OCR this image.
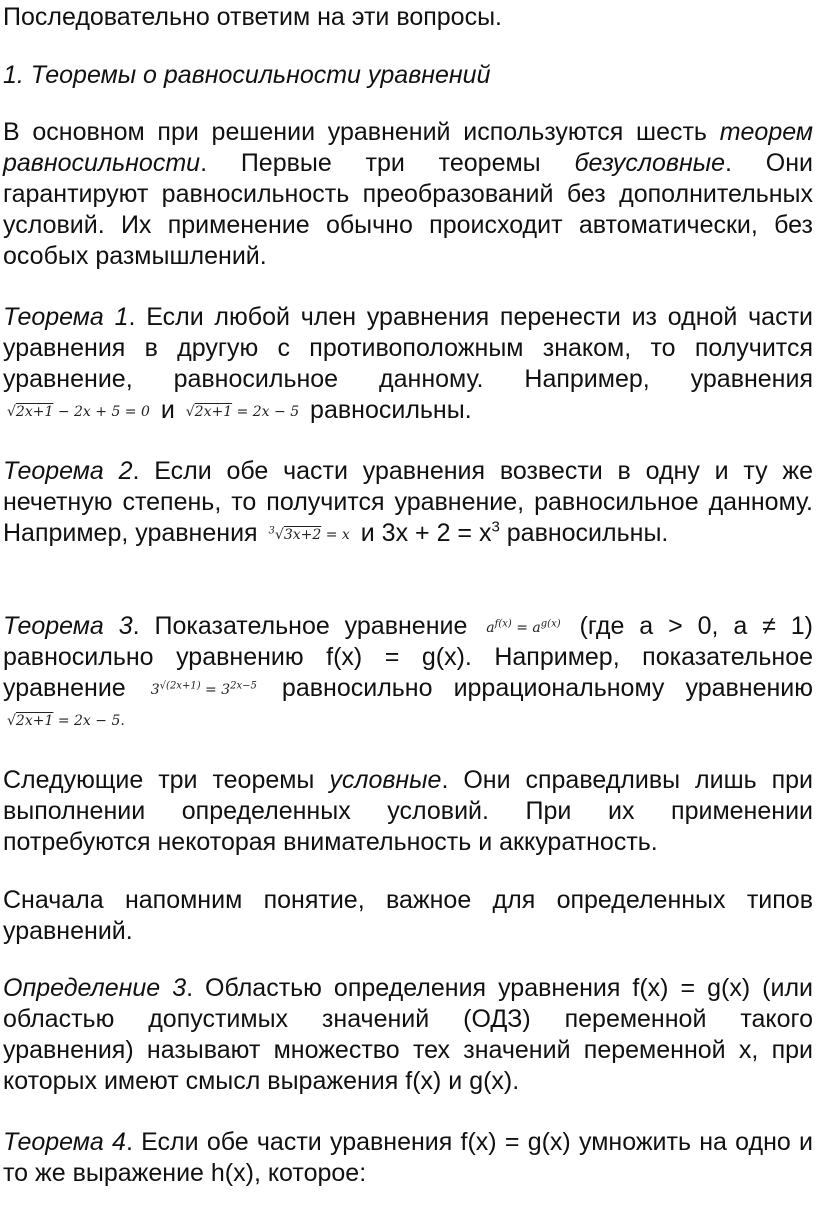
Последовательно ответим на эти вопросы.

1. Теоремы о равносильности уравнений

В основном при решении уравнений используются шесть теорем равносильности. Первые три теоремы безусловные. Они гарантируют равносильность преобразований без дополнительных условий. Их применение обычно происходит автоматически, без особых размышлений.

Теорема 1. Если любой член уравнения перенести из одной части уравнения в другую с противоположным знаком, то получится уравнение, равносильное данному. Например, уравнения √2x+1 − 2x + 5 = 0 и √2x+1 = 2x − 5 равносильны.

Теорема 2. Если обе части уравнения возвести в одну и ту же нечетную степень, то получится уравнение, равносильное данному. Например, уравнения $^3$√3x+2 = x и $3x + 2 = x^3$ равносильны.

Теорема 3. Показательное уравнение $a^{f(x)} = a^{g(x)}$ (где a > 0, a ≠ 1) равносильно уравнению f(x) = g(x). Например, показательное уравнение $3^{√(2x+1)} = 3^{2x-5}$ равносильно иррациональному уравнению √2x+1 = 2x − 5.

Следующие три теоремы условные. Они справедливы лишь при выполнении определенных условий. При их применении потребуются некоторая внимательность и аккуратность.

Сначала напомним понятие, важное для определенных типов уравнений.

Определение 3. Областью определения уравнения f(x) = g(x) (или областью допустимых значений (ОДЗ) переменной такого уравнения) называют множество тех значений переменной x, при которых имеют смысл выражения f(x) и g(x).

Теорема 4. Если обе части уравнения f(x) = g(x) умножить на одно и то же выражение h(x), которое:
